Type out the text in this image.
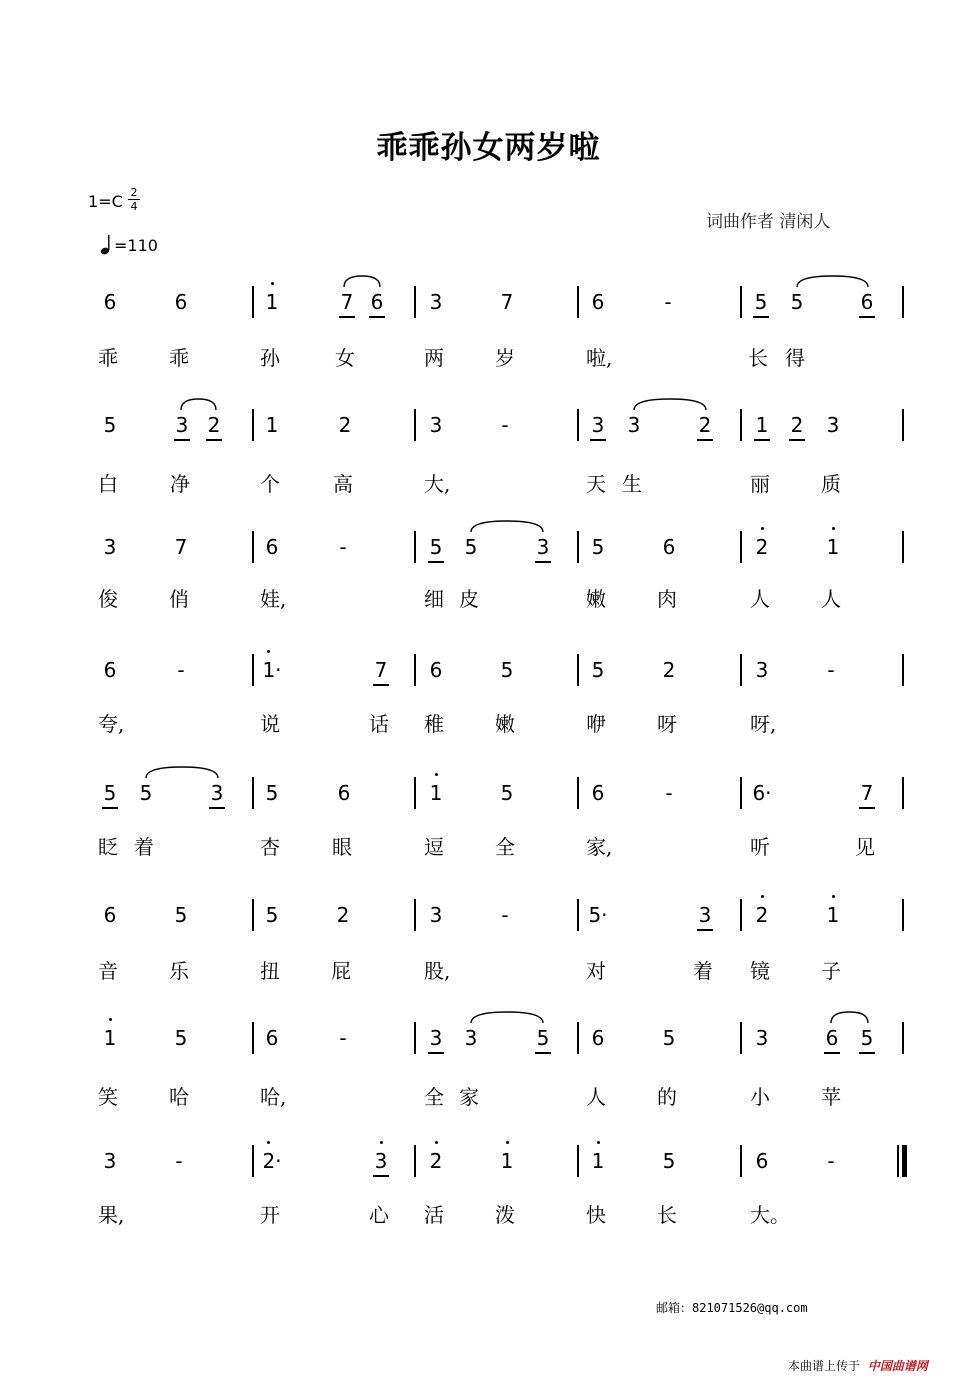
乖乖孙女两岁啦
$1=C \frac{2}{4}$
=110
词曲作者 清闲人
6	6	1	7 6	3	7	6	-	5	5	6
乖	乖	孙	女	两	岁	啦,	长 得
5	3 2	1	2	3	-	3	3	2	1	2	3
白	净	个	高	大,	天 生	丽	质
3	7	6	-	5	5	3	5	6	2	1
俊	俏	娃,	细 皮	嫩	肉	人	人
6	-	1·	7	6	5	5	2	3	-
夸,	说	话	稚	嫩	咿	呀	呀,
5	5	3	5	6	1	5	6	-	6·	7
眨 着	杏	眼	逗	全	家,	听	见
6	5	5	2	3	-	5·	3	2	1
音	乐	扭	屁	股,	对	着	镜	子
1	5	6	-	3	3	5	6	5	3	6	5
笑	哈	哈,	全 家	人	的	小	苹
3	-	2·	3	2	1	1	5	6	-
果,	开	心	活	泼	快	长	大。
邮箱：821071526@qq.com
本曲谱上传于 中国曲谱网
